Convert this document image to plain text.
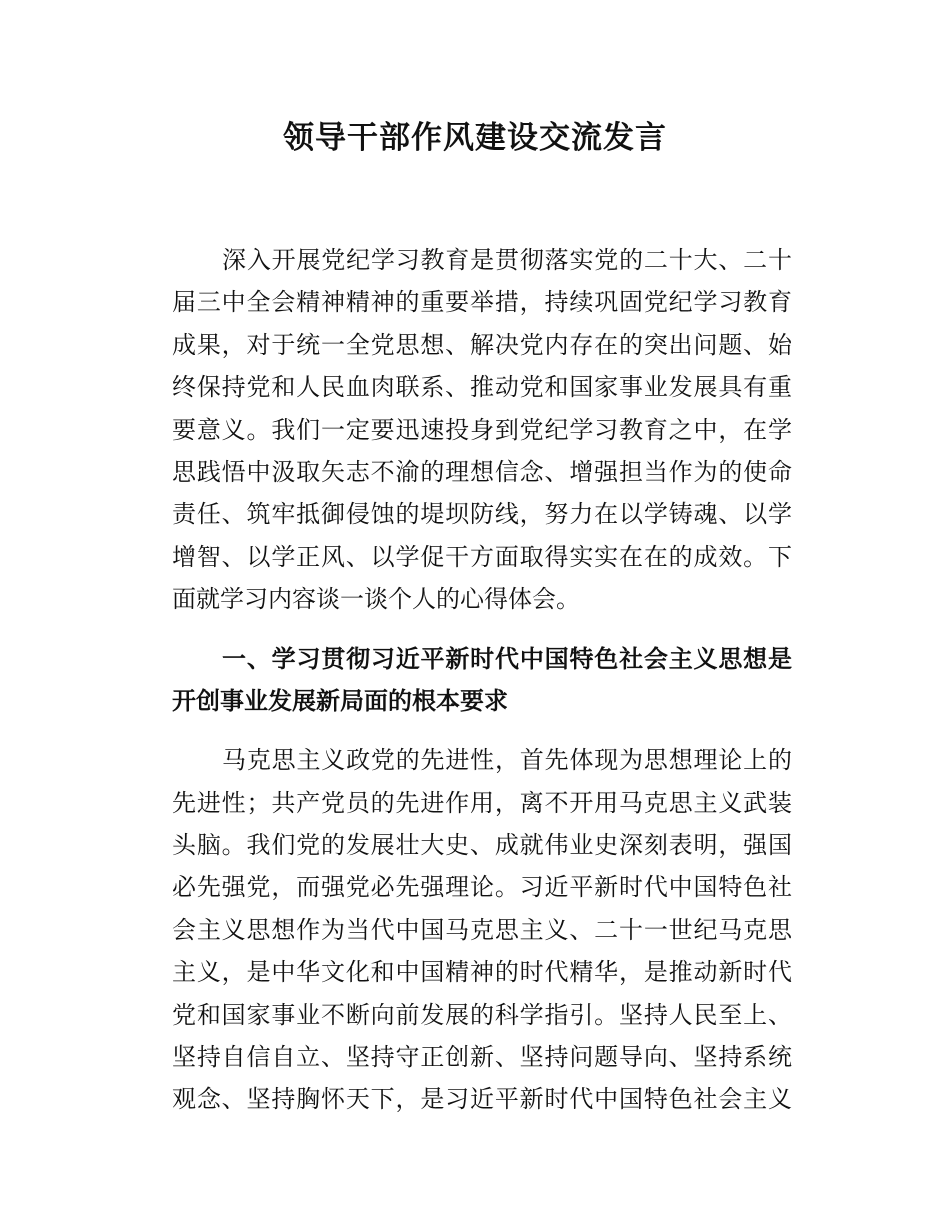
领导干部作风建设交流发言
深入开展党纪学习教育是贯彻落实党的二十大、二十
届三中全会精神精神的重要举措，持续巩固党纪学习教育
成果，对于统一全党思想、解决党内存在的突出问题、始
终保持党和人民血肉联系、推动党和国家事业发展具有重
要意义。我们一定要迅速投身到党纪学习教育之中，在学
思践悟中汲取矢志不渝的理想信念、增强担当作为的使命
责任、筑牢抵御侵蚀的堤坝防线，努力在以学铸魂、以学
增智、以学正风、以学促干方面取得实实在在的成效。下
面就学习内容谈一谈个人的心得体会。
一、学习贯彻习近平新时代中国特色社会主义思想是
开创事业发展新局面的根本要求
马克思主义政党的先进性，首先体现为思想理论上的
先进性；共产党员的先进作用，离不开用马克思主义武装
头脑。我们党的发展壮大史、成就伟业史深刻表明，强国
必先强党，而强党必先强理论。习近平新时代中国特色社
会主义思想作为当代中国马克思主义、二十一世纪马克思
主义，是中华文化和中国精神的时代精华，是推动新时代
党和国家事业不断向前发展的科学指引。坚持人民至上、
坚持自信自立、坚持守正创新、坚持问题导向、坚持系统
观念、坚持胸怀天下，是习近平新时代中国特色社会主义
